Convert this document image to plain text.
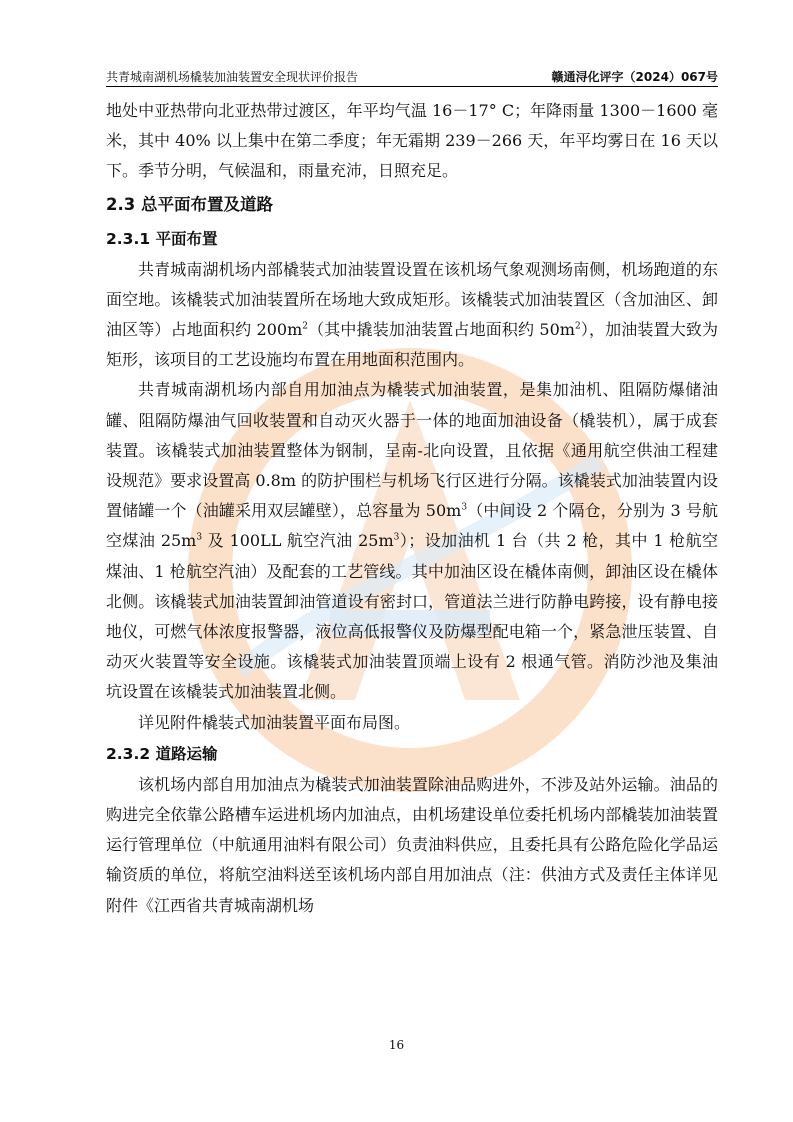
共青城南湖机场橇装加油装置安全现状评价报告	赣通浔化评字（2024）067号

地处中亚热带向北亚热带过渡区，年平均气温 16－17° C；年降雨量 1300－1600 毫米，其中 40% 以上集中在第二季度；年无霜期 239－266 天，年平均雾日在 16 天以下。季节分明，气候温和，雨量充沛，日照充足。

2.3 总平面布置及道路
2.3.1 平面布置

共青城南湖机场内部橇装式加油装置设置在该机场气象观测场南侧，机场跑道的东面空地。该橇装式加油装置所在场地大致成矩形。该橇装式加油装置区（含加油区、卸油区等）占地面积约 $200m^2$（其中撬装加油装置占地面积约 $50m^2$），加油装置大致为矩形，该项目的工艺设施均布置在用地面积范围内。

共青城南湖机场内部自用加油点为橇装式加油装置，是集加油机、阻隔防爆储油罐、阻隔防爆油气回收装置和自动灭火器于一体的地面加油设备（橇装机），属于成套装置。该橇装式加油装置整体为钢制，呈南-北向设置，且依据《通用航空供油工程建设规范》要求设置高 0.8m 的防护围栏与机场飞行区进行分隔。该橇装式加油装置内设置储罐一个（油罐采用双层罐壁），总容量为 $50m^3$（中间设 2 个隔仓，分别为 3 号航空煤油 $25m^3$ 及 100LL 航空汽油 $25m^3$）；设加油机 1 台（共 2 枪，其中 1 枪航空煤油、1 枪航空汽油）及配套的工艺管线。其中加油区设在橇体南侧，卸油区设在橇体北侧。该橇装式加油装置卸油管道设有密封口，管道法兰进行防静电跨接，设有静电接地仪，可燃气体浓度报警器，液位高低报警仪及防爆型配电箱一个，紧急泄压装置、自动灭火装置等安全设施。该橇装式加油装置顶端上设有 2 根通气管。消防沙池及集油坑设置在该橇装式加油装置北侧。

详见附件橇装式加油装置平面布局图。

2.3.2 道路运输

该机场内部自用加油点为橇装式加油装置除油品购进外，不涉及站外运输。油品的购进完全依靠公路槽车运进机场内加油点，由机场建设单位委托机场内部橇装加油装置运行管理单位（中航通用油料有限公司）负责油料供应，且委托具有公路危险化学品运输资质的单位，将航空油料送至该机场内部自用加油点（注：供油方式及责任主体详见附件《江西省共青城南湖机场

16
